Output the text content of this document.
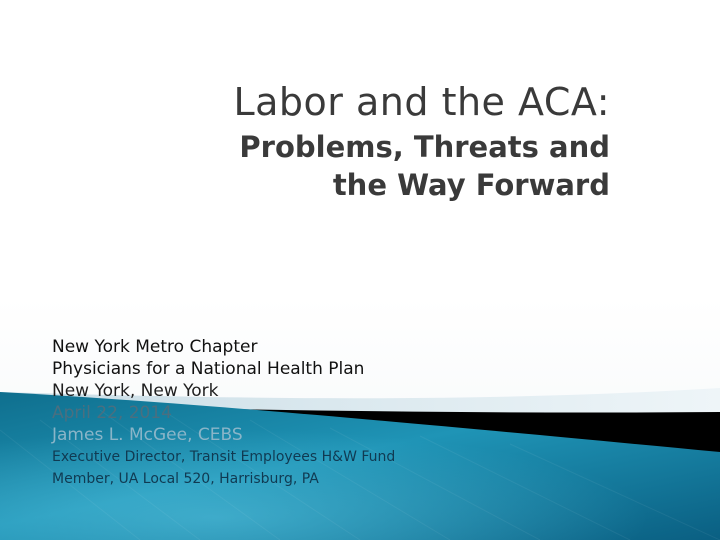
Labor and the ACA:
Problems, Threats and
the Way Forward
New York Metro Chapter
Physicians for a National Health Plan
New York, New York
April 22, 2014
James L. McGee, CEBS
Executive Director, Transit Employees H&W Fund
Member, UA Local 520, Harrisburg, PA
